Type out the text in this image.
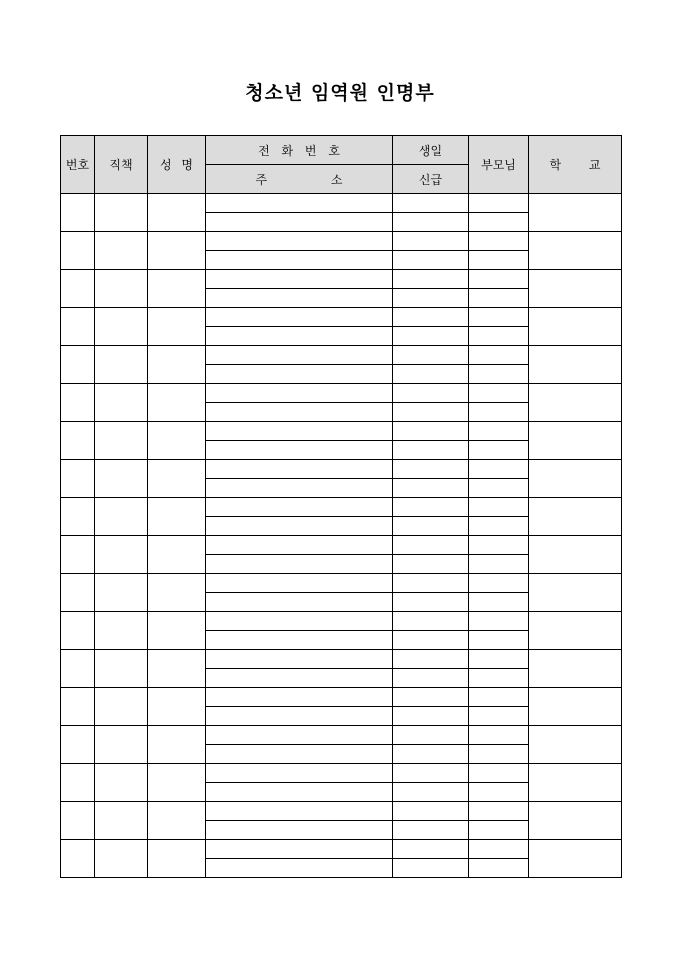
청소년 임역원 인명부
번호	직책	성 명	전 화 번 호	생일	부모님	학 교
			주 소	신급		
